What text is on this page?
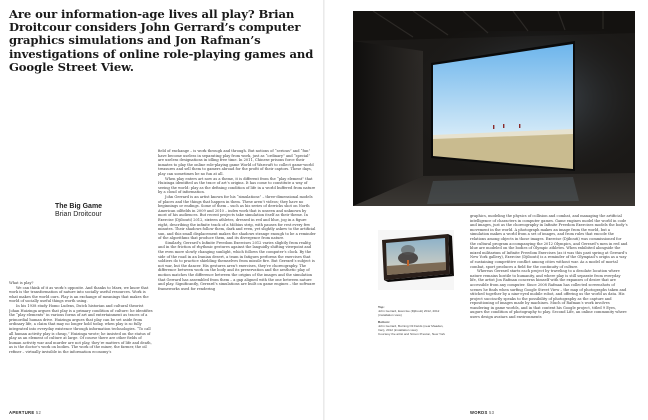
Are our information-age lives all play? Brian Droitcour considers John Gerrard’s computer graphics simulations and Jon Rafman’s investigations of online role-playing games and Google Street View.
The Big Game
Brian Droitcour

What is play?

We can think of it as work’s opposite. And thanks to Marx, we know that work is the transformation of nature into socially useful resources. Work is what makes the world ours. Play is an exchange of meanings that makes the world of socially useful things worth using.

In his 1938 study Homo Ludens, Dutch historian and cultural theorist Johan Huizinga argues that play is a primary condition of culture: he identifies the “play elements” in various forms of art and entertainment as traces of a primordial human drive. Huizinga argues that play can be set aside from ordinary life, a claim that may no longer hold today, when play is so fully integrated into everyday existence through information technologies. “To call all human activity play is cheap,” Huizinga wrote; he insisted on the status of play as an element of culture at large. Of course there are other fields of human activity war and murder are not play, they’re matters of life and death, as is the doctor’s work on bodies. The work of the miner, the farmer, the oil refiner – virtually invisible in the information economy’s

field of exchange – is work through and through. But notions of “serious” and “fun” have become useless in separating play from work, just as “ordinary” and “special” are useless designations in idling free time. In 2011, Chinese prisons force their inmates to play the online role-playing game World of Warcraft to collect game-world treasures and sell them to gamers abroad for the profit of their captors. These days, play can sometimes be no fun at all.

When play enters art now as a theme, it is different from the “play element” that Huizinga identified as the trace of art’s origins. It has come to constitute a way of seeing the world: play as the defining condition of life in a world buffered from nature by a cloud of information.

John Gerrard is an artist known for his “simulations” – three-dimensional models of places and the things that happen in them. These aren’t videos; they have no beginnings or endings. Some of them – such as his series of derricks shot on North American oilfields in 2009 and 2010 – index work that is unseen and unknown by most of his audiences. But recent projects take simulation itself as their theme. In Exercise (Djibouti) 2012, sixteen athletes, dressed in red and blue, jog in a figure eight, describing the infinite track of a Möbius strip, with pauses for rest every few minutes. Their shadows follow them, dark and even, yet slightly askew to the artificial sun, and this small displacement makes the shadows strange enough to be a reminder of the algorithms that produce them, and its divergence from nature.

Similarly, Gerrard’s Infinite Freedom Exercises 2012 varies slightly from reality, and in the friction of rhythmic gestures against the languidly shifting viewpoint and the even more slowly changing sunlight, which follows the computer’s clock. By the side of the road in an Iranian desert, a team in fatigues performs the exercises that soldiers do to practice shielding themselves from missile fire. But Gerrard’s subject is not war, but the dancer. His gestures aren’t exercises, they’re choreography. The difference between work on the body and its preservation and the aesthetic play of motion matches the difference between the origins of the images and the simulation that Gerrard has assembled from them – a gap aligned with the one between nature and play. Significantly, Gerrard’s simulations are built on game engines – the software frameworks used for rendering

APERTURE 52

Top:
John Gerrard, Exercise (Djibouti) 2012, 2012 (installation view)

Bottom:
John Gerrard, Burning Oil Fields (near Maadan, Iran), 2012 (installation view)
Courtesy the artist and Simon Preston, New York

graphics, modeling the physics of collision and combat, and managing the artificial intelligence of characters in computer games. Game engines model the world in code and images, just as the choreography in Infinite Freedom Exercises models the body’s movement in the world. A photograph makes an image from the world, but a simulation makes a world from a set of images, and from rules that encode the relations among objects in those images. Exercise (Djibouti) was commissioned for the cultural program accompanying the 2012 Olympics, and Gerrard’s men in red and blue are modeled on the bodies of Olympic athletes. When exhibited alongside the mixed militarism of Infinite Freedom Exercises (as it was this past spring at Gerrard’s New York gallery), Exercise (Djibouti) is a reminder of the Olympiad’s origin as a way of sustaining competitive conflict among cities without war. As a model of mortal combat, sport produces a field for the continuity of culture.

Whereas Gerrard starts each project by traveling to a desolate location where nature remains hostile to humanity, and where play is still separate from everyday life, the artist Jon Rafman concerns himself with the expanses of desire that are accessible from any computer. Since 2008 Rafman has collected screenshots of scenes he finds when surfing Google Street View – the map of photographs taken and stitched together by a nine-eyed mobile robot, and offering us the world as data. His project succinctly speaks to the possibility of photography as the capture and repositioning of images made by machines. Much of Rafman’s work involves wandering in game worlds, and in that context his Google project, titled 9 Eyes, augurs the condition of photography to play. Second Life, an online community where users design avatars and environments

WORDS 53
